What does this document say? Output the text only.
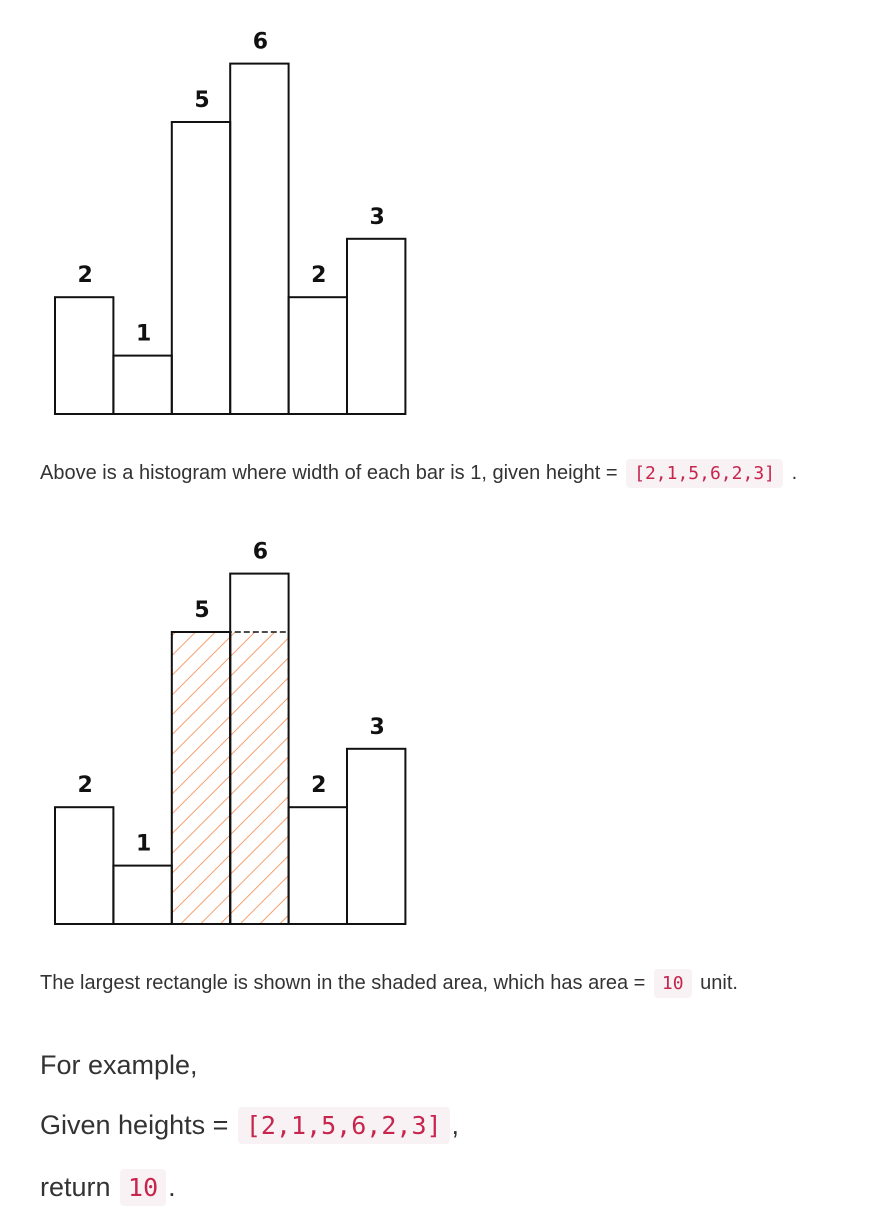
2
1
5
6
2
3

Above is a histogram where width of each bar is 1, given height = [2,1,5,6,2,3] .

2
1
5
6
2
3

The largest rectangle is shown in the shaded area, which has area = 10 unit.

For example,

Given heights = [2,1,5,6,2,3] ,

return 10 .
